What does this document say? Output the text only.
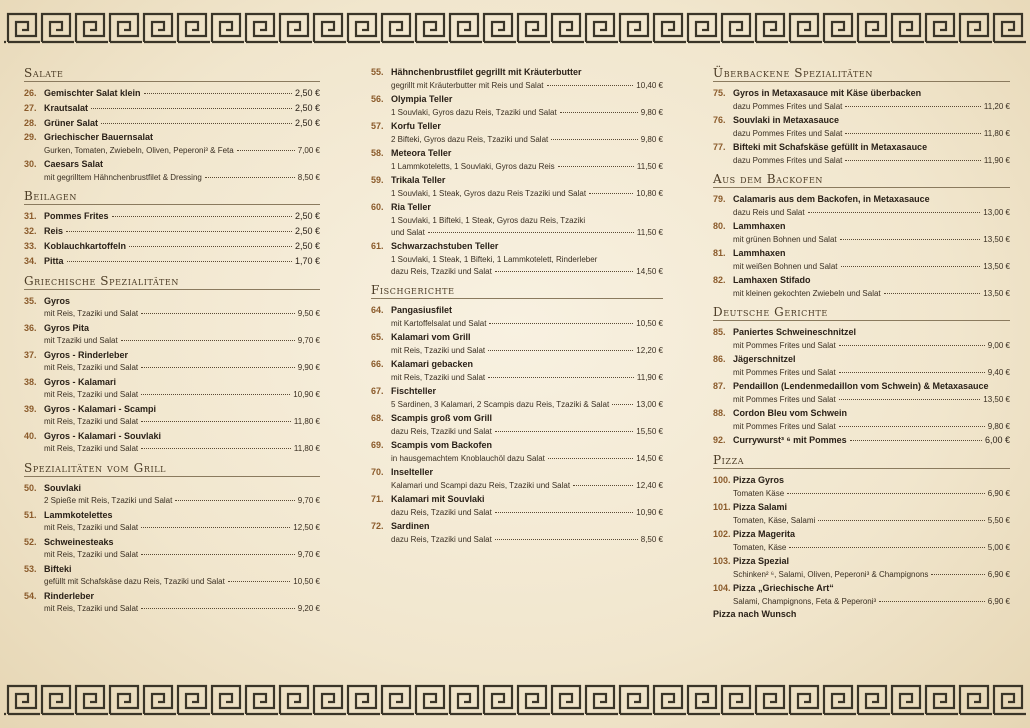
Salate
26. Gemischter Salat klein	2,50 €
27. Krautsalat	2,50 €
28. Grüner Salat	2,50 €
29. Griechischer Bauernsalat
Gurken, Tomaten, Zwiebeln, Oliven, Peperoni³ & Feta	7,00 €
30. Caesars Salat
mit gegrilltem Hähnchenbrustfilet & Dressing	8,50 €
Beilagen
31. Pommes Frites	2,50 €
32. Reis	2,50 €
33. Koblauchkartoffeln	2,50 €
34. Pitta	1,70 €
Griechische Spezialitäten
35. Gyros
mit Reis, Tzaziki und Salat	9,50 €
36. Gyros Pita
mit Tzaziki und Salat	9,70 €
37. Gyros - Rinderleber
mit Reis, Tzaziki und Salat	9,90 €
38. Gyros - Kalamari
mit Reis, Tzaziki und Salat	10,90 €
39. Gyros - Kalamari - Scampi
mit Reis, Tzaziki und Salat	11,80 €
40. Gyros - Kalamari - Souvlaki
mit Reis, Tzaziki und Salat	11,80 €
Spezialitäten vom Grill
50. Souvlaki
2 Spieße mit Reis, Tzaziki und Salat	9,70 €
51. Lammkotelettes
mit Reis, Tzaziki und Salat	12,50 €
52. Schweinesteaks
mit Reis, Tzaziki und Salat	9,70 €
53. Bifteki
gefüllt mit Schafskäse dazu Reis, Tzaziki und Salat	10,50 €
54. Rinderleber
mit Reis, Tzaziki und Salat	9,20 €
55. Hähnchenbrustfilet gegrillt mit Kräuterbutter
gegrillt mit Kräuterbutter mit Reis und Salat	10,40 €
56. Olympia Teller
1 Souvlaki, Gyros dazu Reis, Tzaziki und Salat	9,80 €
57. Korfu Teller
2 Bifteki, Gyros dazu Reis, Tzaziki und Salat	9,80 €
58. Meteora Teller
1 Lammkoteletts, 1 Souvlaki, Gyros dazu Reis	11,50 €
59. Trikala Teller
1 Souvlaki, 1 Steak, Gyros dazu Reis Tzaziki und Salat	10,80 €
60. Ria Teller
1 Souvlaki, 1 Bifteki, 1 Steak, Gyros dazu Reis, Tzaziki
und Salat	11,50 €
61. Schwarzachstuben Teller
1 Souvlaki, 1 Steak, 1 Bifteki, 1 Lammkotelett, Rinderleber
dazu Reis, Tzaziki und Salat	14,50 €
Fischgerichte
64. Pangasiusfilet
mit Kartoffelsalat und Salat	10,50 €
65. Kalamari vom Grill
mit Reis, Tzaziki und Salat	12,20 €
66. Kalamari gebacken
mit Reis, Tzaziki und Salat	11,90 €
67. Fischteller
5 Sardinen, 3 Kalamari, 2 Scampis dazu Reis, Tzaziki & Salat	13,00 €
68. Scampis groß vom Grill
dazu Reis, Tzaziki und Salat	15,50 €
69. Scampis vom Backofen
in hausgemachtem Knoblauchöl dazu Salat	14,50 €
70. Inselteller
Kalamari und Scampi dazu Reis, Tzaziki und Salat	12,40 €
71. Kalamari mit Souvlaki
dazu Reis, Tzaziki und Salat	10,90 €
72. Sardinen
dazu Reis, Tzaziki und Salat	8,50 €
Überbackene Spezialitäten
75. Gyros in Metaxasauce mit Käse überbacken
dazu Pommes Frites und Salat	11,20 €
76. Souvlaki in Metaxasauce
dazu Pommes Frites und Salat	11,80 €
77. Bifteki mit Schafskäse gefüllt in Metaxasauce
dazu Pommes Frites und Salat	11,90 €
Aus dem Backofen
79. Calamaris aus dem Backofen, in Metaxasauce
dazu Reis und Salat	13,00 €
80. Lammhaxen
mit grünen Bohnen und Salat	13,50 €
81. Lammhaxen
mit weißen Bohnen und Salat	13,50 €
82. Lamhaxen Stifado
mit kleinen gekochten Zwiebeln und Salat	13,50 €
Deutsche Gerichte
85. Paniertes Schweineschnitzel
mit Pommes Frites und Salat	9,00 €
86. Jägerschnitzel
mit Pommes Frites und Salat	9,40 €
87. Pendaillon (Lendenmedaillon vom Schwein) & Metaxasauce
mit Pommes Frites und Salat	13,50 €
88. Cordon Bleu vom Schwein
mit Pommes Frites und Salat	9,80 €
92. Currywurst³ ⁶ mit Pommes	6,00 €
Pizza
100. Pizza Gyros
Tomaten Käse	6,90 €
101. Pizza Salami
Tomaten, Käse, Salami	5,50 €
102. Pizza Magerita
Tomaten, Käse	5,00 €
103. Pizza Spezial
Schinken² ⁶, Salami, Oliven, Peperoni³ & Champignons	6,90 €
104. Pizza „Griechische Art“
Salami, Champignons, Feta & Peperoni³	6,90 €
Pizza nach Wunsch
